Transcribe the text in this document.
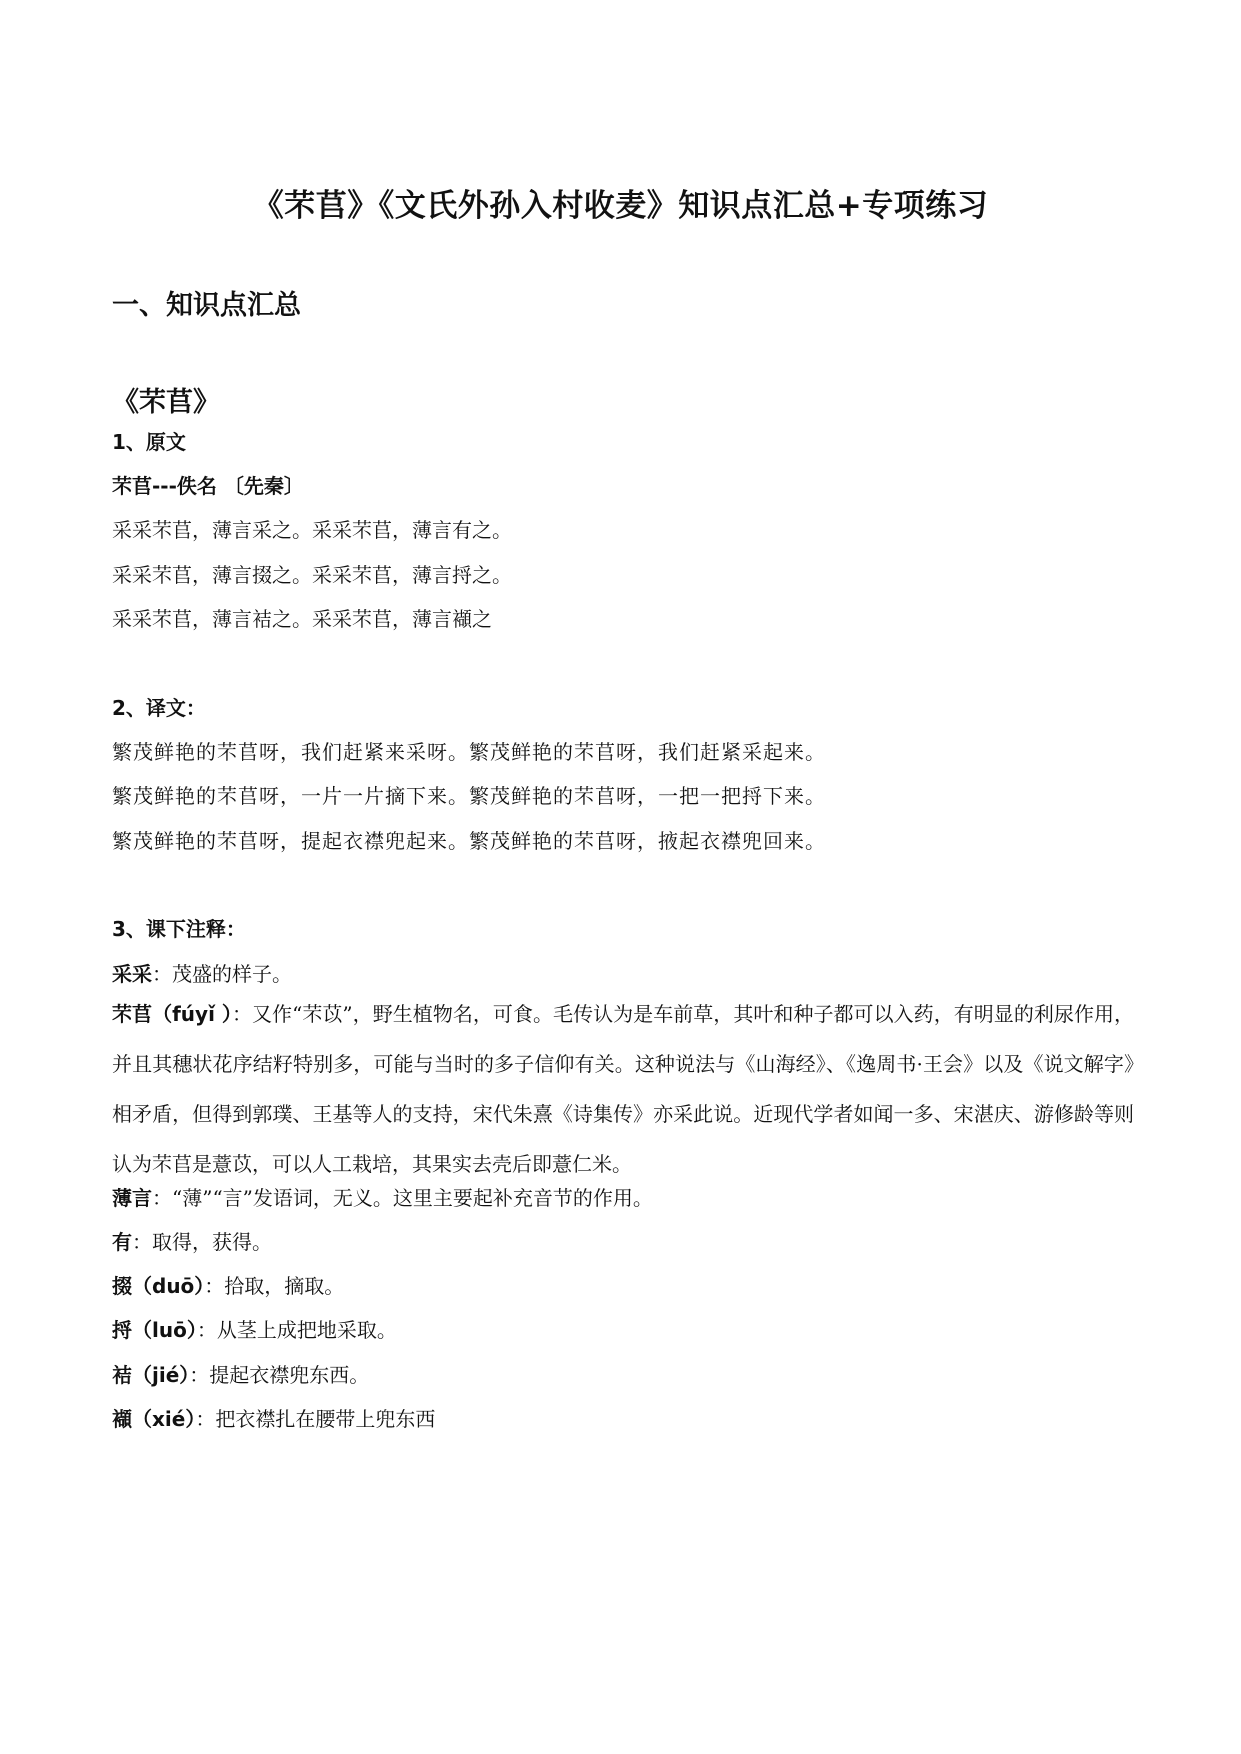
《芣苢》《文氏外孙入村收麦》知识点汇总+专项练习
一、知识点汇总
《芣苢》
1、原文
芣苢---佚名 〔先秦〕
采采芣苢，薄言采之。采采芣苢，薄言有之。
采采芣苢，薄言掇之。采采芣苢，薄言捋之。
采采芣苢，薄言袺之。采采芣苢，薄言襭之
2、译文：
繁茂鲜艳的芣苢呀，我们赶紧来采呀。繁茂鲜艳的芣苢呀，我们赶紧采起来。
繁茂鲜艳的芣苢呀，一片一片摘下来。繁茂鲜艳的芣苢呀，一把一把捋下来。
繁茂鲜艳的芣苢呀，提起衣襟兜起来。繁茂鲜艳的芣苢呀，掖起衣襟兜回来。
3、课下注释：
采采：茂盛的样子。
芣苢（fúyǐ ）：又作“芣苡”，野生植物名，可食。毛传认为是车前草，其叶和种子都可以入药，有明显的利尿作用，并且其穗状花序结籽特别多，可能与当时的多子信仰有关。这种说法与《山海经》、《逸周书·王会》以及《说文解字》相矛盾，但得到郭璞、王基等人的支持，宋代朱熹《诗集传》亦采此说。近现代学者如闻一多、宋湛庆、游修龄等则认为芣苢是薏苡，可以人工栽培，其果实去壳后即薏仁米。
薄言：“薄”“言”发语词，无义。这里主要起补充音节的作用。
有：取得，获得。
掇（duō）：拾取，摘取。
捋（luō）：从茎上成把地采取。
袺（jié）：提起衣襟兜东西。
襭（xié）：把衣襟扎在腰带上兜东西
